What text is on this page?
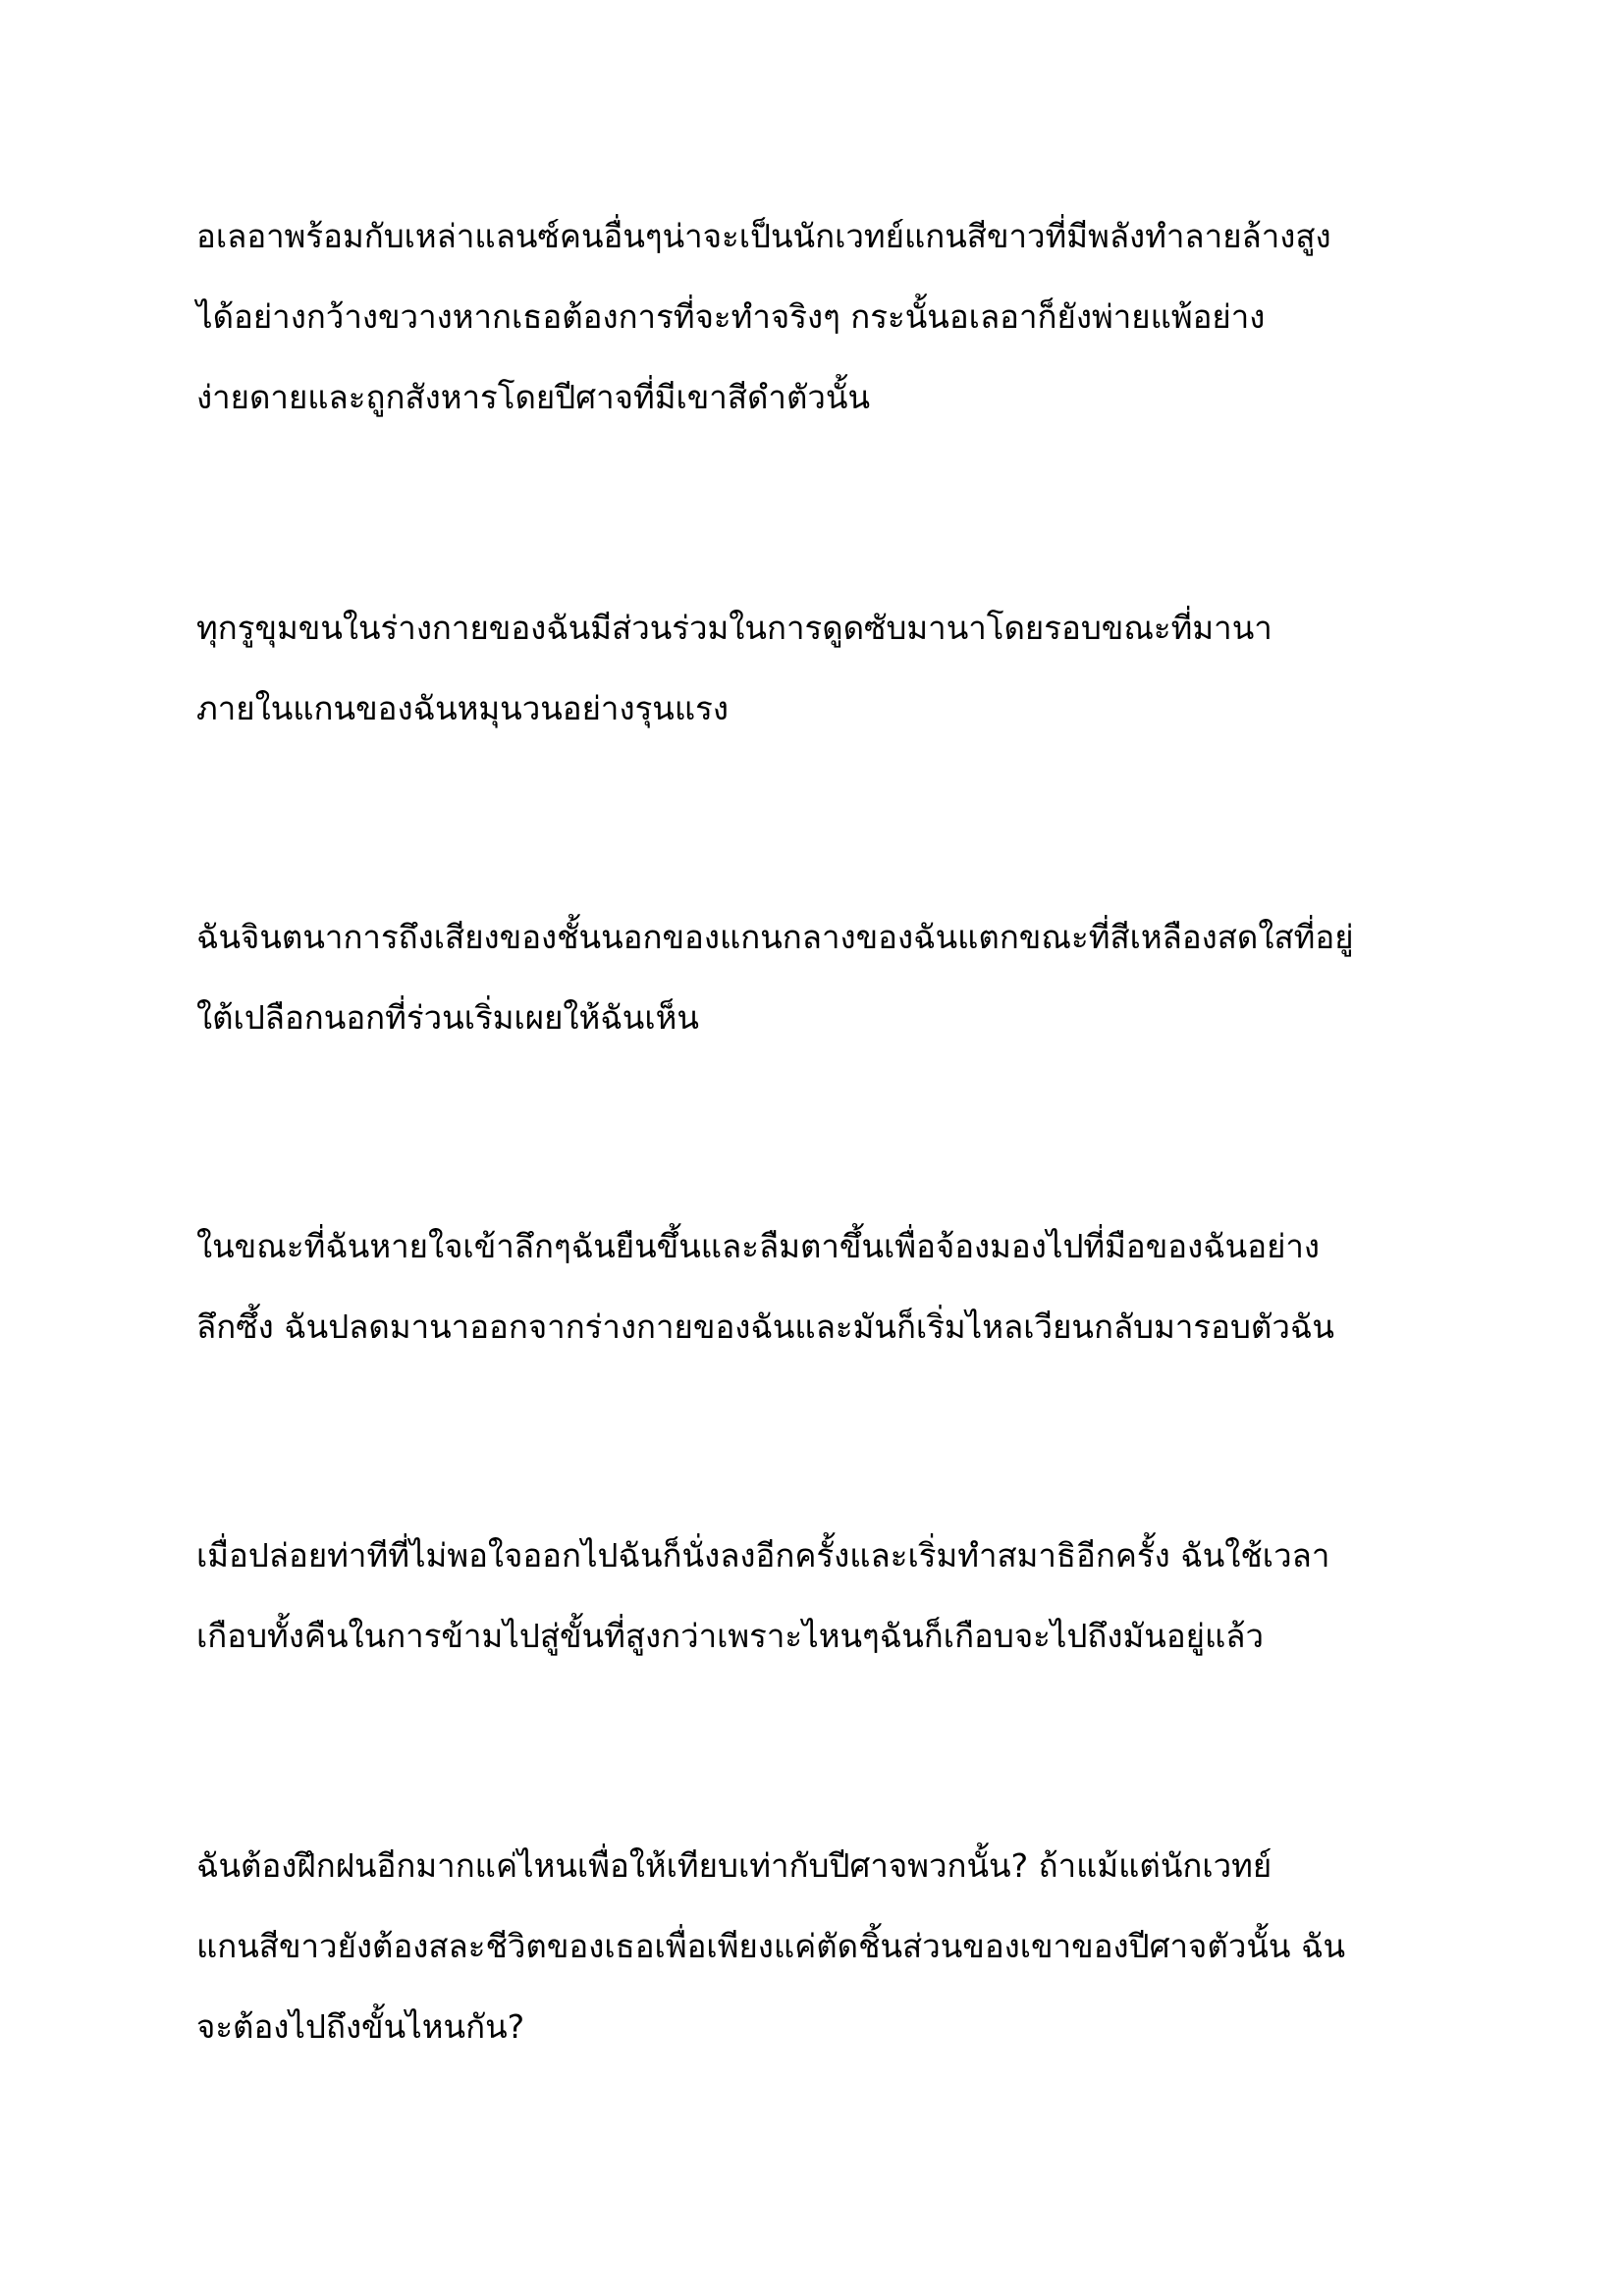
อเลอาพร้อมกับเหล่าแลนซ์คนอื่นๆน่าจะเป็นนักเวทย์แกนสีขาวที่มีพลังทำลายล้างสูง
ได้อย่างกว้างขวางหากเธอต้องการที่จะทำจริงๆ กระนั้นอเลอาก็ยังพ่ายแพ้อย่าง
ง่ายดายและถูกสังหารโดยปีศาจที่มีเขาสีดำตัวนั้น

ทุกรูขุมขนในร่างกายของฉันมีส่วนร่วมในการดูดซับมานาโดยรอบขณะที่มานา
ภายในแกนของฉันหมุนวนอย่างรุนแรง

ฉันจินตนาการถึงเสียงของชั้นนอกของแกนกลางของฉันแตกขณะที่สีเหลืองสดใสที่อยู่
ใต้เปลือกนอกที่ร่วนเริ่มเผยให้ฉันเห็น

ในขณะที่ฉันหายใจเข้าลึกๆฉันยืนขึ้นและลืมตาขึ้นเพื่อจ้องมองไปที่มือของฉันอย่าง
ลึกซึ้ง ฉันปลดมานาออกจากร่างกายของฉันและมันก็เริ่มไหลเวียนกลับมารอบตัวฉัน

เมื่อปล่อยท่าทีที่ไม่พอใจออกไปฉันก็นั่งลงอีกครั้งและเริ่มทำสมาธิอีกครั้ง ฉันใช้เวลา
เกือบทั้งคืนในการข้ามไปสู่ขั้นที่สูงกว่าเพราะไหนๆฉันก็เกือบจะไปถึงมันอยู่แล้ว

ฉันต้องฝึกฝนอีกมากแค่ไหนเพื่อให้เทียบเท่ากับปีศาจพวกนั้น? ถ้าแม้แต่นักเวทย์
แกนสีขาวยังต้องสละชีวิตของเธอเพื่อเพียงแค่ตัดชิ้นส่วนของเขาของปีศาจตัวนั้น ฉัน
จะต้องไปถึงขั้นไหนกัน?
